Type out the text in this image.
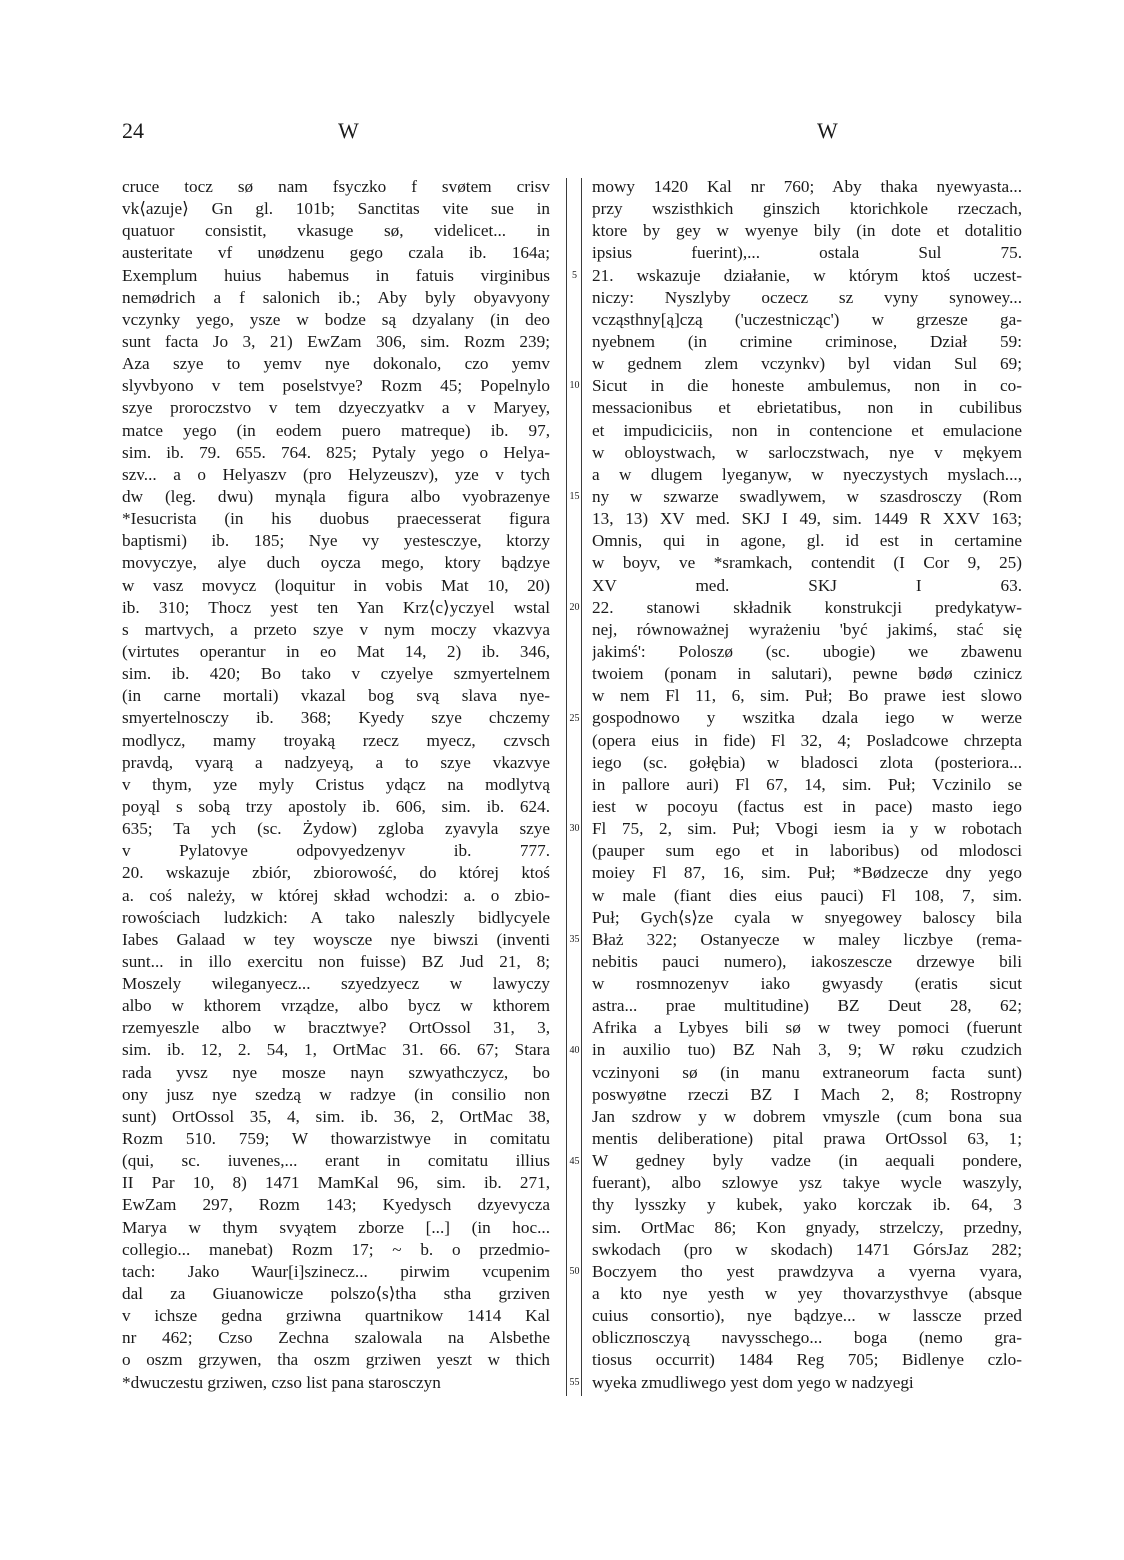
24	W	W
cruce tocz sø nam fsyczko f svøtem crisv
vk⟨azuje⟩ Gn gl. 101b; Sanctitas vite sue in
quatuor consistit, vkasuge sø, videlicet... in
austeritate vf unødzenu gego czala ib. 164a;
Exemplum huius habemus in fatuis virginibus
nemødrich a f salonich ib.; Aby byly obyavyony
vczynky yego, ysze w bodze są dzyalany (in deo
sunt facta Jo 3, 21) EwZam 306, sim. Rozm 239;
Aza szye to yemv nye dokonalo, czo yemv
slyvbyono v tem poselstvye? Rozm 45; Popelnylo
szye proroczstvo v tem dzyeczyatkv a v Maryey,
matce yego (in eodem puero matreque) ib. 97,
sim. ib. 79. 655. 764. 825; Pytaly yego o Helya-
szv... a o Helyaszv (pro Helyzeuszv), yze v tych
dw (leg. dwu) mynąla figura albo vyobrazenye
*Iesucrista (in his duobus praecesserat figura
baptismi) ib. 185; Nye vy yestesczye, ktorzy
movyczye, alye duch oycza mego, ktory bądzye
w vasz movycz (loquitur in vobis Mat 10, 20)
ib. 310; Thocz yest ten Yan Krz⟨c⟩yczyel wstal
s martvych, a przeto szye v nym moczy vkazvya
(virtutes operantur in eo Mat 14, 2) ib. 346,
sim. ib. 420; Bo tako v czyelye szmyertelnem
(in carne mortali) vkazal bog svą slava nye-
smyertelnosczy ib. 368; Kyedy szye chczemy
modlycz, mamy troyaką rzecz myecz, czvsch
pravdą, vyarą a nadzyeyą, a to szye vkazvye
v thym, yze myly Cristus ydącz na modlytvą
poyąl s sobą trzy apostoly ib. 606, sim. ib. 624.
635; Ta ych (sc. Żydow) zgloba zyavyla szye
v Pylatovye odpovyedzenyv ib. 777.
20. wskazuje zbiór, zbiorowość, do której ktoś
a. coś należy, w której skład wchodzi: a. o zbio-
rowościach ludzkich: A tako naleszly bidlycyele
Iabes Galaad w tey woysczе nye biwszi (inventi
sunt... in illo exercitu non fuisse) BZ Jud 21, 8;
Moszely wileganyecz... szyedzyecz w lawyczy
albo w kthorem vrządze, albo bycz w kthorem
rzemyeszle albo w bracztwye? OrtOssol 31, 3,
sim. ib. 12, 2. 54, 1, OrtMac 31. 66. 67; Stara
rada yvsz nye mosze nayn szwyathczycz, bo
ony jusz nye szedzą w radzye (in consilio non
sunt) OrtOssol 35, 4, sim. ib. 36, 2, OrtMac 38,
Rozm 510. 759; W thowarzistwye in comitatu
(qui, sc. iuvenes,... erant in comitatu illius
II Par 10, 8) 1471 MamKal 96, sim. ib. 271,
EwZam 297, Rozm 143; Kyedysch dzyevycza
Marya w thym svyątem zborze [...] (in hoc...
collegio... manebat) Rozm 17; ~ b. o przedmio-
tach: Jako Waur[i]szinecz... pirwim vcupenim
dal za Giuanowicze polszo⟨s⟩tha stha grziven
v ichsze gedna grziwna quartnikow 1414 Kal
nr 462; Czso Zechna szalowala na Alsbethe
o oszm grzywen, tha oszm grziwen yeszt w thich
*dwuczestu grziwen, czso list pana starosczyn
5
10
15
20
25
30
35
40
45
50
55
mowy 1420 Kal nr 760; Aby thaka nyewyasta...
przy wszisthkich ginszich ktorichkole rzeczach,
ktore by gey w wyenye bily (in dote et dotalitio
ipsius fuerint),... ostala Sul 75.
21. wskazuje działanie, w którym ktoś uczest-
niczy: Nyszlyby oczecz sz vyny synowey...
vcząsthny[ą]czą ('uczestnicząc') w grzesze ga-
nyebnem (in crimine criminose, Dział 59:
w gednem zlem vczynkv) byl vidan Sul 69;
Sicut in die honeste ambulemus, non in co-
messacionibus et ebrietatibus, non in cubilibus
et impudiciciis, non in contencione et emulacione
w obloystwach, w sarloczstwach, nye v mękyem
a w dlugem lyeganyw, w nyeczystych myslach...,
ny w szwarze swadlywem, w szasdrosczy (Rom
13, 13) XV med. SKJ I 49, sim. 1449 R XXV 163;
Omnis, qui in agone, gl. id est in certamine
w boyv, ve *sramkach, contendit (I Cor 9, 25)
XV med. SKJ I 63.
22. stanowi składnik konstrukcji predykatyw-
nej, równoważnej wyrażeniu 'być jakimś, stać się
jakimś': Poloszø (sc. ubogie) we zbawenu
twoiem (ponam in salutari), pewne bødø czinicz
w nem Fl 11, 6, sim. Puł; Bo prawe iest slowo
gospodnowo y wszitka dzala iego w werze
(opera eius in fide) Fl 32, 4; Posladcowe chrzepta
iego (sc. gołębia) w bladosci zlota (posteriora...
in pallore auri) Fl 67, 14, sim. Puł; Vczinilo se
iest w pocoyu (factus est in pace) masto iego
Fl 75, 2, sim. Puł; Vbogi iesm ia y w robotach
(pauper sum ego et in laboribus) od mlodosci
moiey Fl 87, 16, sim. Puł; *Bødzecze dny yego
w male (fiant dies eius pauci) Fl 108, 7, sim.
Puł; Gych⟨s⟩ze cyala w snyegowey baloscy bila
Błaż 322; Ostanyecze w maley liczbye (rema-
nebitis pauci numero), iakoszescze drzewye bili
w rosmnozenyv iako gwyasdy (eratis sicut
astra... prae multitudine) BZ Deut 28, 62;
Afrika a Lybyes bili sø w twey pomoci (fuerunt
in auxilio tuo) BZ Nah 3, 9; W røku czudzich
vczinyoni sø (in manu extraneorum facta sunt)
poswyøtne rzeczi BZ I Mach 2, 8; Rostropny
Jan szdrow y w dobrem vmyszle (cum bona sua
mentis deliberatione) pital prawa OrtOssol 63, 1;
W gedney byly vadze (in aequali pondere,
fuerant), albo szlowye ysz takye wycle waszyly,
thy lysszky y kubek, yako korczak ib. 64, 3
sim. OrtMac 86; Kon gnyady, strzelczy, przedny,
swkodach (pro w skodach) 1471 GórsJaz 282;
Boczyem tho yest prawdzyva a vyerna vyara,
a kto nye yesth w yey thovarzysthvye (absque
cuius consortio), nye bądzye... w lassczе przed
obliczпosczyą navysschego... boga (nemo gra-
tiosus occurrit) 1484 Reg 705; Bidlenye czlo-
wyeka zmudliwego yest dom yego w nadzyegi
